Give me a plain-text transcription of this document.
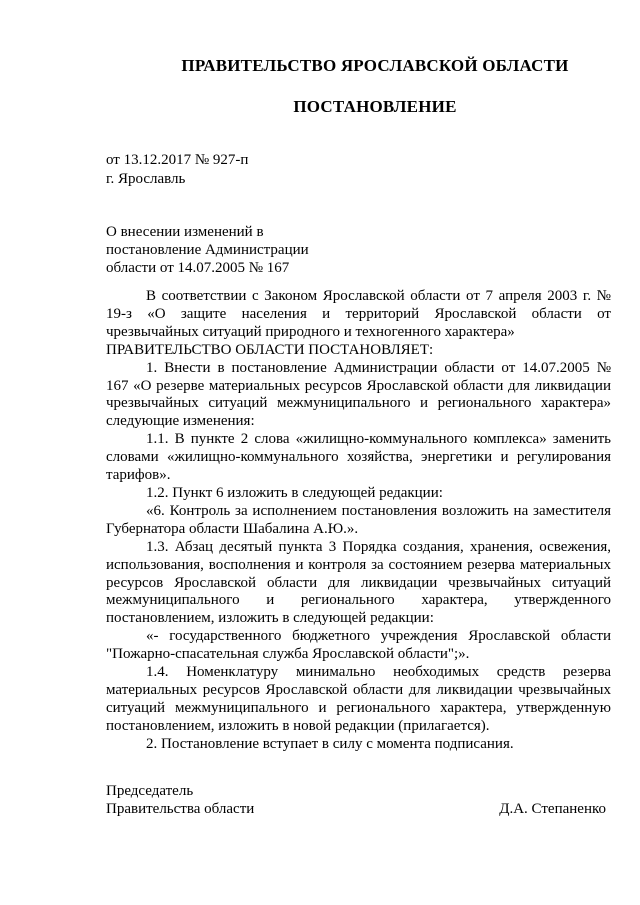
ПРАВИТЕЛЬСТВО ЯРОСЛАВСКОЙ ОБЛАСТИ
ПОСТАНОВЛЕНИЕ
от 13.12.2017 № 927-п
г. Ярославль
О внесении изменений в
постановление Администрации
области от 14.07.2005 № 167

В соответствии с Законом Ярославской области от 7 апреля 2003 г. № 19-з «О защите населения и территорий Ярославской области от чрезвычайных ситуаций природного и техногенного характера»

ПРАВИТЕЛЬСТВО ОБЛАСТИ ПОСТАНОВЛЯЕТ:

1. Внести в постановление Администрации области от 14.07.2005 № 167 «О резерве материальных ресурсов Ярославской области для ликвидации чрезвычайных ситуаций межмуниципального и регионального характера» следующие изменения:

1.1. В пункте 2 слова «жилищно-коммунального комплекса» заменить словами «жилищно-коммунального хозяйства, энергетики и регулирования тарифов».

1.2. Пункт 6 изложить в следующей редакции:

«6. Контроль за исполнением постановления возложить на заместителя Губернатора области Шабалина А.Ю.».

1.3. Абзац десятый пункта 3 Порядка создания, хранения, освежения, использования, восполнения и контроля за состоянием резерва материальных ресурсов Ярославской области для ликвидации чрезвычайных ситуаций межмуниципального и регионального характера, утвержденного постановлением, изложить в следующей редакции:

«- государственного бюджетного учреждения Ярославской области "Пожарно-спасательная служба Ярославской области";».

1.4. Номенклатуру минимально необходимых средств резерва материальных ресурсов Ярославской области для ликвидации чрезвычайных ситуаций межмуниципального и регионального характера, утвержденную постановлением, изложить в новой редакции (прилагается).

2. Постановление вступает в силу с момента подписания.

Председатель
Правительства области	Д.А. Степаненко
